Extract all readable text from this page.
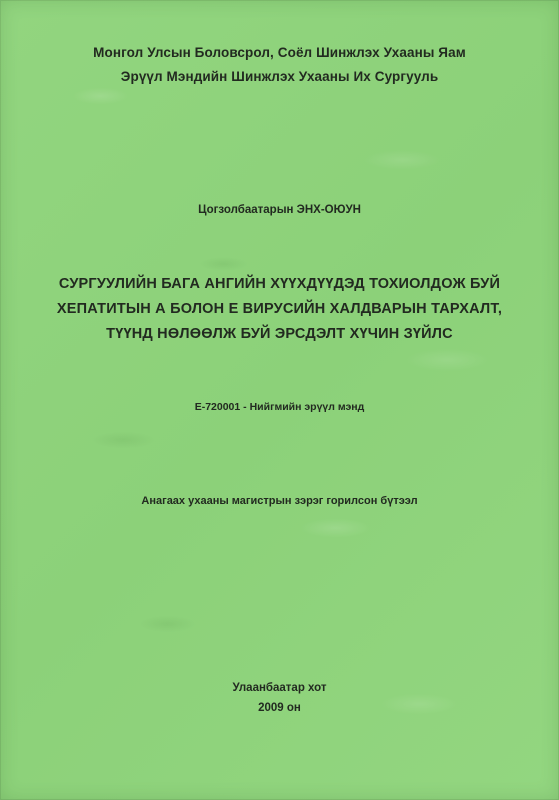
Монгол Улсын Боловсрол, Соёл Шинжлэх Ухааны Яам
Эрүүл Мэндийн Шинжлэх Ухааны Их Сургууль
Цогзолбаатарын ЭНХ-ОЮУН
СУРГУУЛИЙН БАГА АНГИЙН ХҮҮХДҮҮДЭД ТОХИОЛДОЖ БУЙ
ХЕПАТИТЫН А БОЛОН Е ВИРУСИЙН ХАЛДВАРЫН ТАРХАЛТ,
ТҮҮНД НӨЛӨӨЛЖ БУЙ ЭРСДЭЛТ ХҮЧИН ЗҮЙЛС
Е-720001 - Нийгмийн эрүүл мэнд
Анагаах ухааны магистрын зэрэг горилсон бүтээл
Улаанбаатар хот
2009 он
